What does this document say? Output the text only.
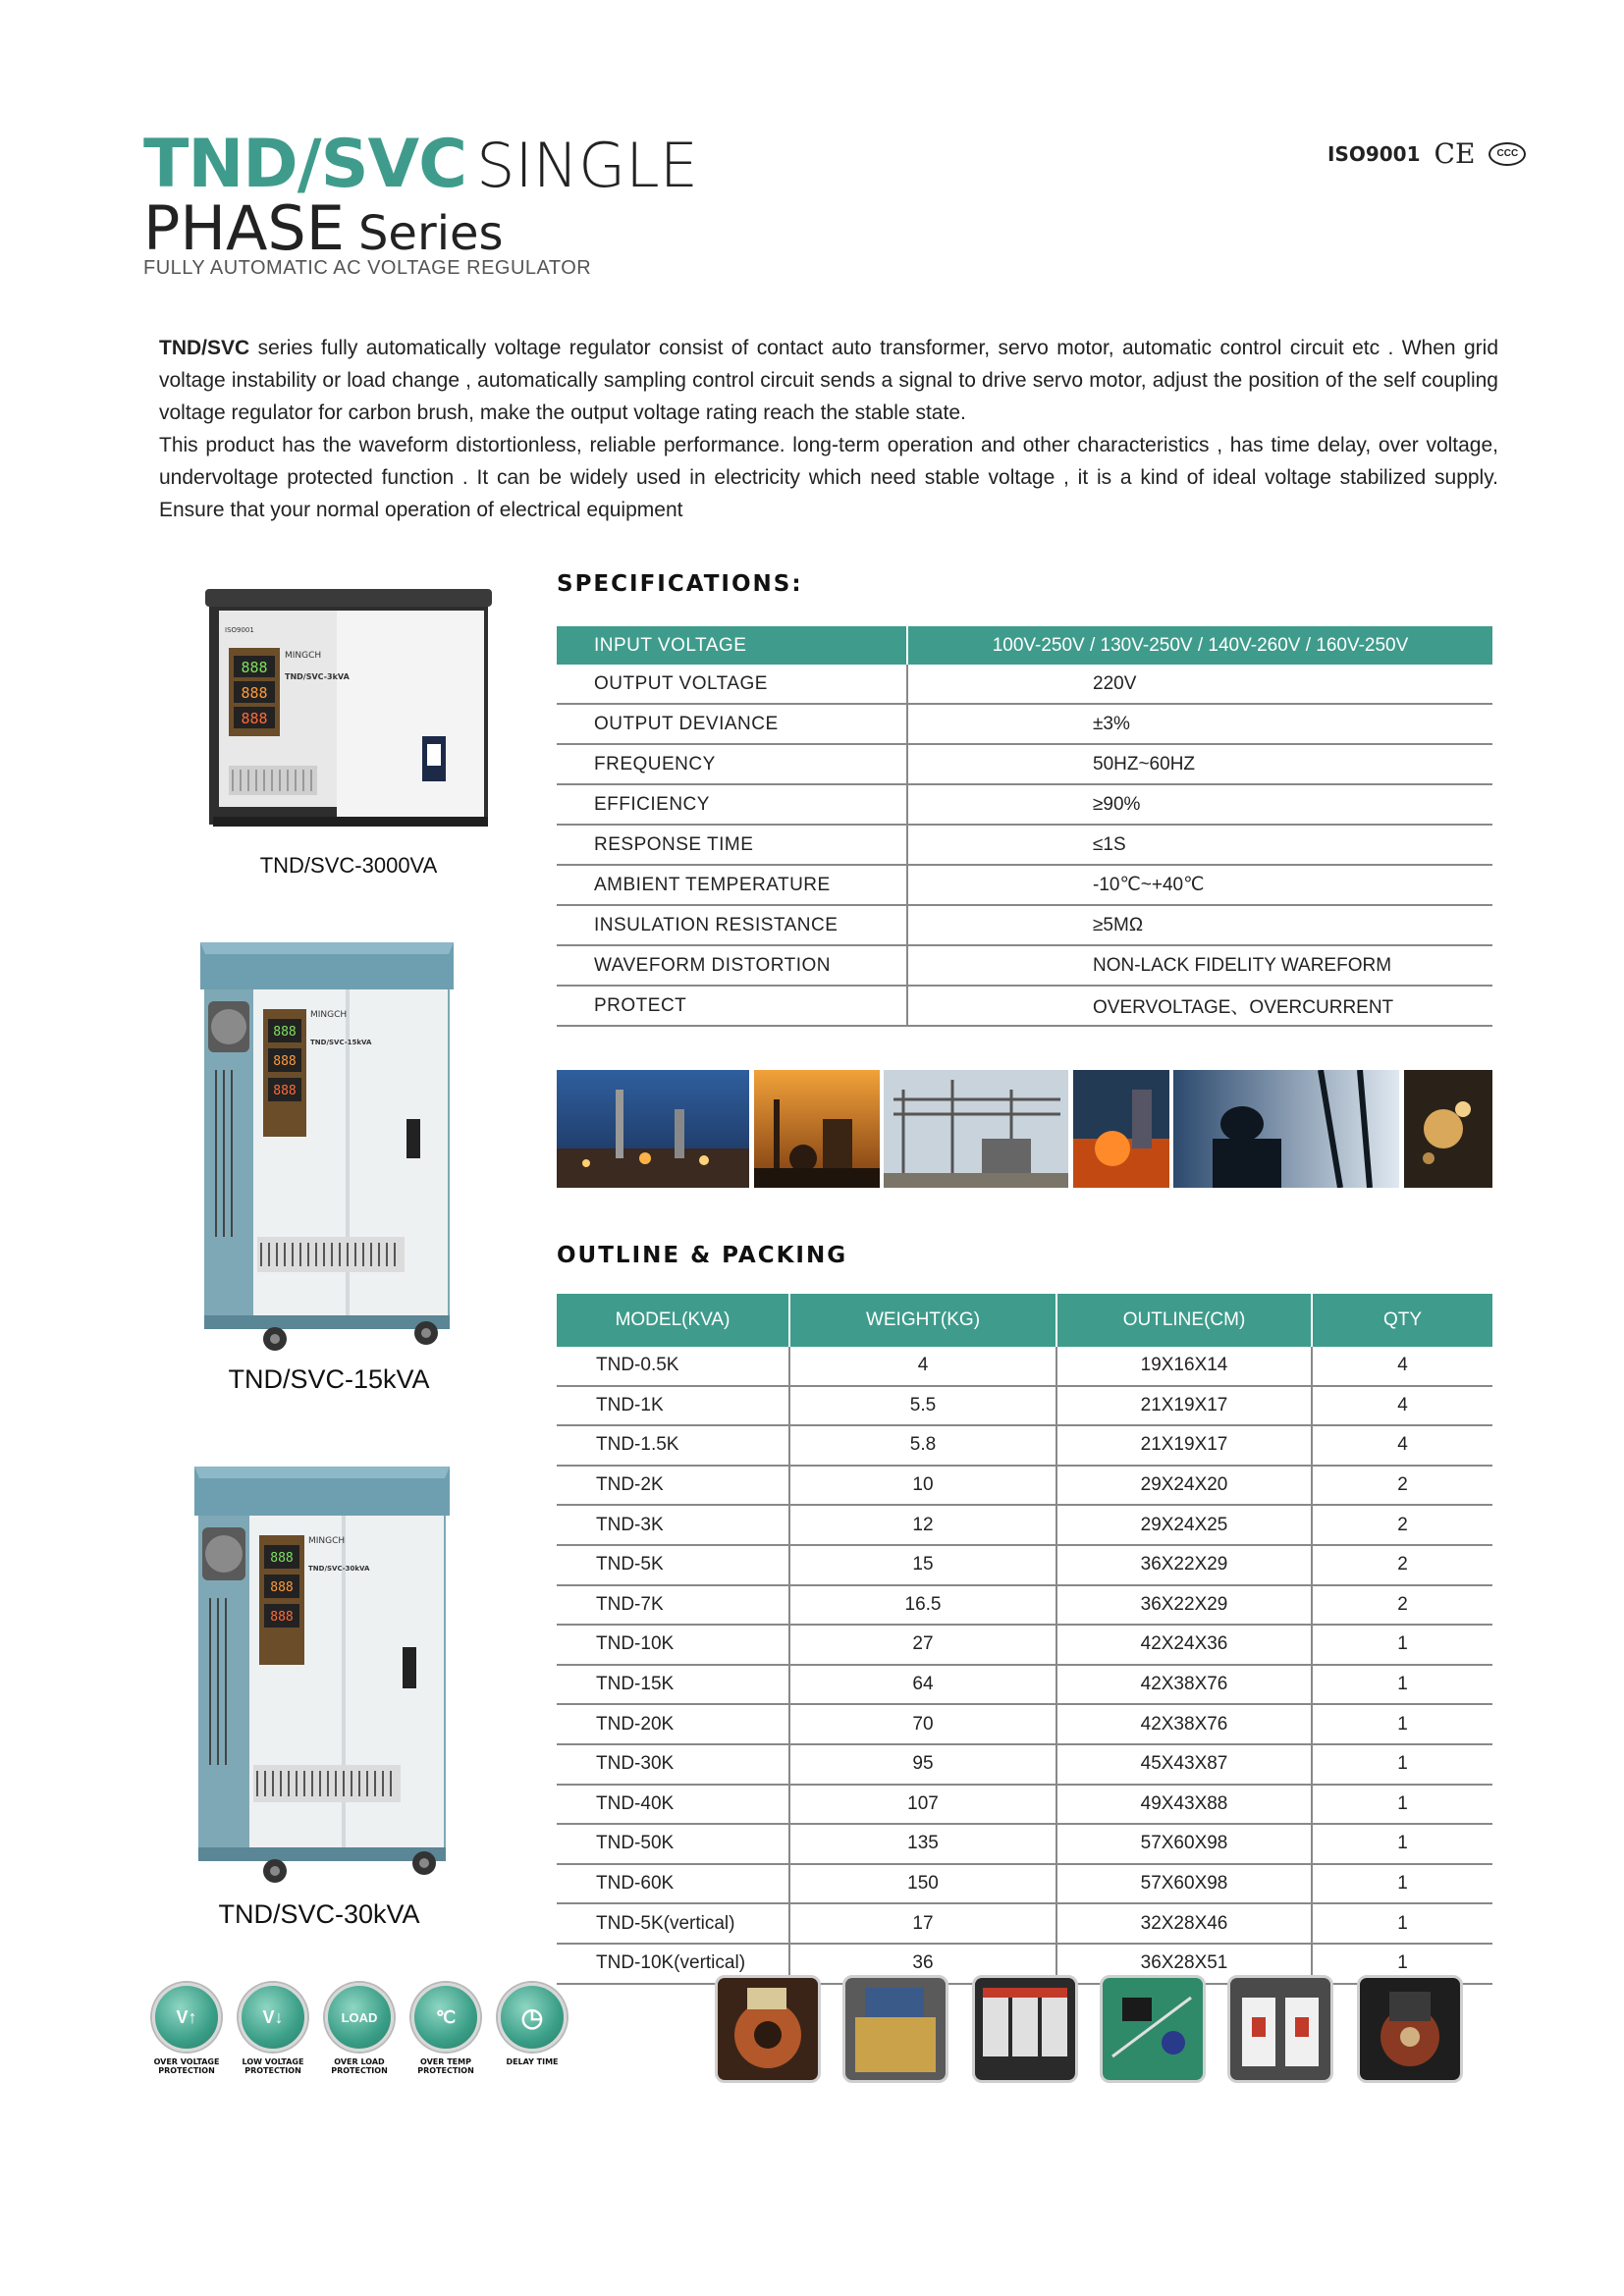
TND/SVC SINGLE
PHASE Series
FULLY AUTOMATIC AC VOLTAGE REGULATOR
ISO9001 CE	CCC

TND/SVC series fully automatically voltage regulator consist of contact auto transformer, servo motor, automatic control circuit etc . When grid voltage instability or load change , automatically sampling control circuit sends a signal to drive servo motor, adjust the position of the self coupling voltage regulator for carbon brush, make the output voltage rating reach the stable state.

This product has the waveform distortionless, reliable performance. long-term operation and other characteristics , has time delay, over voltage, undervoltage protected function . It can be widely used in electricity which need stable voltage , it is a kind of ideal voltage stabilized supply. Ensure that your normal operation of electrical equipment

888
888
888
MINGCH
TND/SVC-3kVA
ISO9001
TND/SVC-3000VA
888
888
888
MINGCH
TND/SVC-15kVA
TND/SVC-15kVA
888
888
888
MINGCH
TND/SVC-30kVA
TND/SVC-30kVA
SPECIFICATIONS:
INPUT VOLTAGE	100V-250V / 130V-250V / 140V-260V / 160V-250V
OUTPUT VOLTAGE	220V
OUTPUT DEVIANCE	±3%
FREQUENCY	50HZ~60HZ
EFFICIENCY	≥90%
RESPONSE TIME	≤1S
AMBIENT TEMPERATURE	-10℃~+40℃
INSULATION RESISTANCE	≥5MΩ
WAVEFORM DISTORTION	NON-LACK FIDELITY WAREFORM
PROTECT	OVERVOLTAGE、OVERCURRENT
OUTLINE & PACKING
MODEL(KVA)	WEIGHT(KG)	OUTLINE(CM)	QTY
TND-0.5K	4	19X16X14	4
TND-1K	5.5	21X19X17	4
TND-1.5K	5.8	21X19X17	4
TND-2K	10	29X24X20	2
TND-3K	12	29X24X25	2
TND-5K	15	36X22X29	2
TND-7K	16.5	36X22X29	2
TND-10K	27	42X24X36	1
TND-15K	64	42X38X76	1
TND-20K	70	42X38X76	1
TND-30K	95	45X43X87	1
TND-40K	107	49X43X88	1
TND-50K	135	57X60X98	1
TND-60K	150	57X60X98	1
TND-5K(vertical)	17	32X28X46	1
TND-10K(vertical)	36	36X28X51	1
V↑
OVER VOLTAGE
PROTECTION
V↓
LOW VOLTAGE
PROTECTION
LOAD
OVER LOAD
PROTECTION
℃
OVER TEMP
PROTECTION
◷
DELAY TIME
